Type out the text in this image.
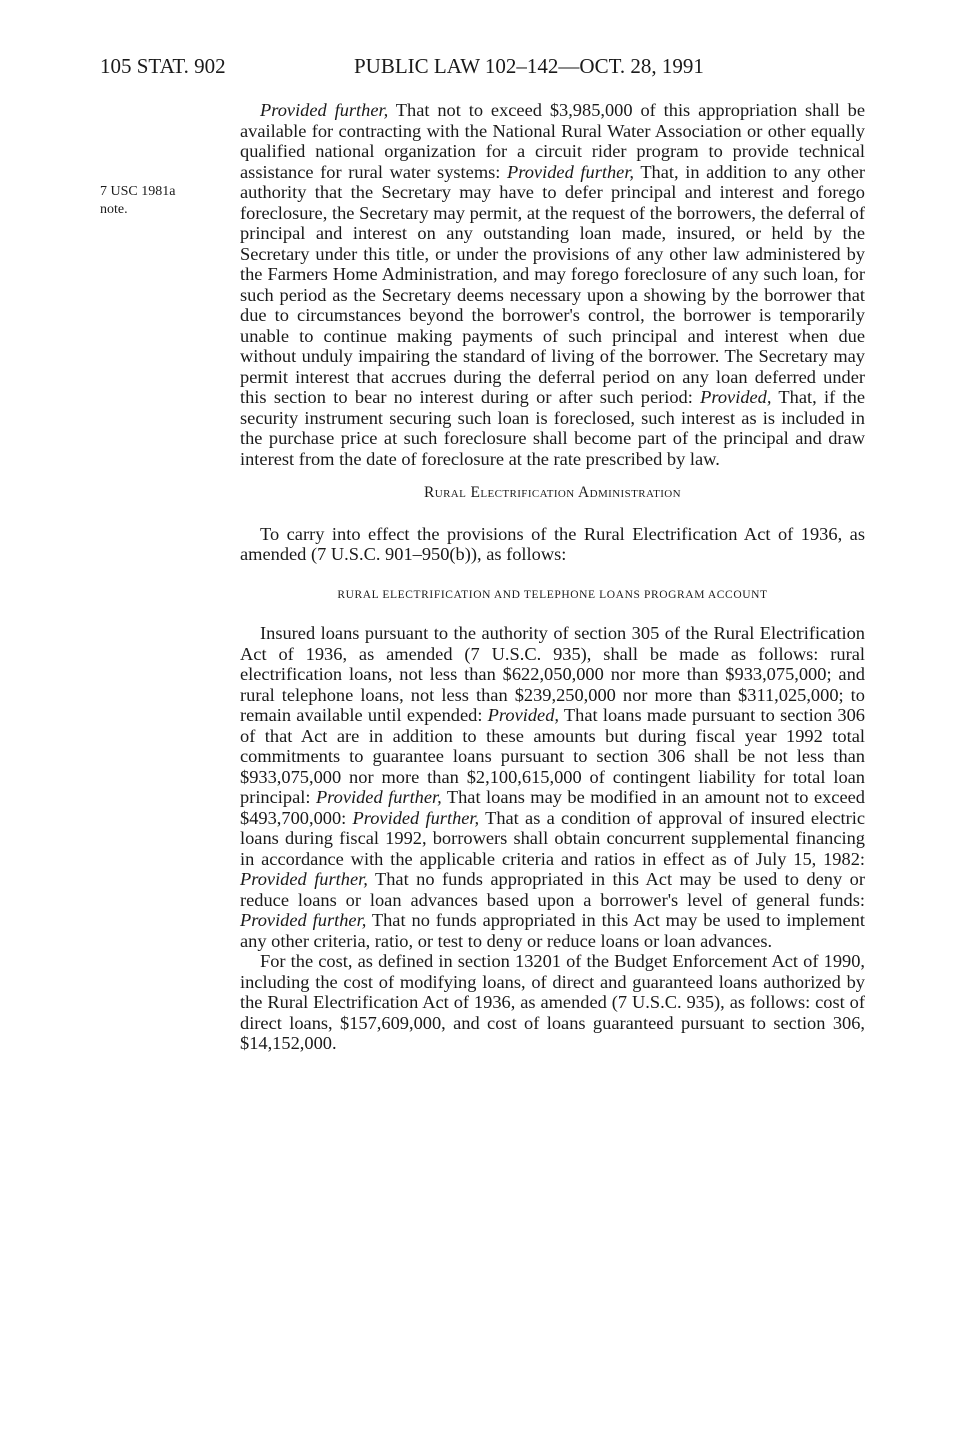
105 STAT. 902	PUBLIC LAW 102–142—OCT. 28, 1991
7 USC 1981a
note.

Provided further, That not to exceed $3,985,000 of this appropriation shall be available for contracting with the National Rural Water Association or other equally qualified national organization for a circuit rider program to provide technical assistance for rural water systems: Provided further, That, in addition to any other authority that the Secretary may have to defer principal and interest and forego foreclosure, the Secretary may permit, at the request of the borrowers, the deferral of principal and interest on any outstanding loan made, insured, or held by the Secretary under this title, or under the provisions of any other law administered by the Farmers Home Administration, and may forego foreclosure of any such loan, for such period as the Secretary deems necessary upon a showing by the borrower that due to circumstances beyond the borrower's control, the borrower is temporarily unable to continue making payments of such principal and interest when due without unduly impairing the standard of living of the borrower. The Secretary may permit interest that accrues during the deferral period on any loan deferred under this section to bear no interest during or after such period: Provided, That, if the security instrument securing such loan is foreclosed, such interest as is included in the purchase price at such foreclosure shall become part of the principal and draw interest from the date of foreclosure at the rate prescribed by law.

Rural Electrification Administration

To carry into effect the provisions of the Rural Electrification Act of 1936, as amended (7 U.S.C. 901–950(b)), as follows:

RURAL ELECTRIFICATION AND TELEPHONE LOANS PROGRAM ACCOUNT

Insured loans pursuant to the authority of section 305 of the Rural Electrification Act of 1936, as amended (7 U.S.C. 935), shall be made as follows: rural electrification loans, not less than $622,050,000 nor more than $933,075,000; and rural telephone loans, not less than $239,250,000 nor more than $311,025,000; to remain available until expended: Provided, That loans made pursuant to section 306 of that Act are in addition to these amounts but during fiscal year 1992 total commitments to guarantee loans pursuant to section 306 shall be not less than $933,075,000 nor more than $2,100,615,000 of contingent liability for total loan principal: Provided further, That loans may be modified in an amount not to exceed $493,700,000: Provided further, That as a condition of approval of insured electric loans during fiscal 1992, borrowers shall obtain concurrent supplemental financing in accordance with the applicable criteria and ratios in effect as of July 15, 1982: Provided further, That no funds appropriated in this Act may be used to deny or reduce loans or loan advances based upon a borrower's level of general funds: Provided further, That no funds appropriated in this Act may be used to implement any other criteria, ratio, or test to deny or reduce loans or loan advances.

For the cost, as defined in section 13201 of the Budget Enforcement Act of 1990, including the cost of modifying loans, of direct and guaranteed loans authorized by the Rural Electrification Act of 1936, as amended (7 U.S.C. 935), as follows: cost of direct loans, $157,609,000, and cost of loans guaranteed pursuant to section 306, $14,152,000.
